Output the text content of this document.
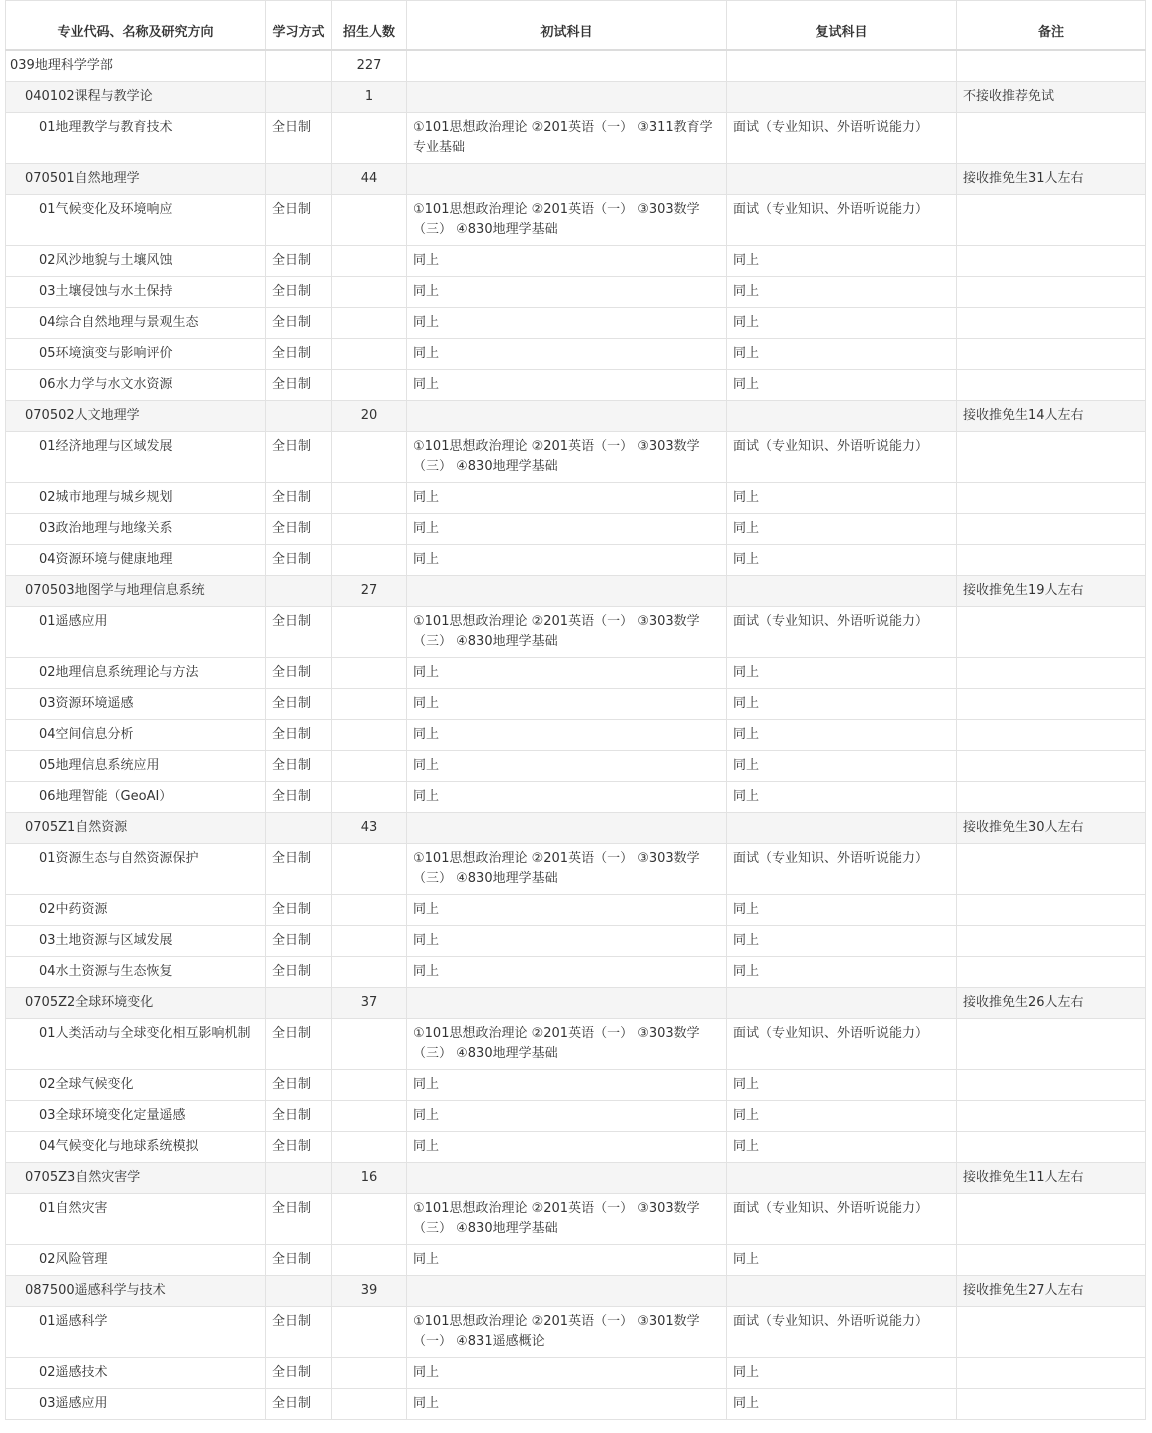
专业代码、名称及研究方向	学习方式	招生人数	初试科目	复试科目	备注
039地理科学学部		227			
040102课程与教学论		1			不接收推荐免试
01地理教学与教育技术	全日制		①101思想政治理论 ②201英语（一） ③311教育学专业基础	面试（专业知识、外语听说能力）	
070501自然地理学		44			接收推免生31人左右
01气候变化及环境响应	全日制		①101思想政治理论 ②201英语（一） ③303数学（三） ④830地理学基础	面试（专业知识、外语听说能力）	
02风沙地貌与土壤风蚀	全日制		同上	同上	
03土壤侵蚀与水土保持	全日制		同上	同上	
04综合自然地理与景观生态	全日制		同上	同上	
05环境演变与影响评价	全日制		同上	同上	
06水力学与水文水资源	全日制		同上	同上	
070502人文地理学		20			接收推免生14人左右
01经济地理与区域发展	全日制		①101思想政治理论 ②201英语（一） ③303数学（三） ④830地理学基础	面试（专业知识、外语听说能力）	
02城市地理与城乡规划	全日制		同上	同上	
03政治地理与地缘关系	全日制		同上	同上	
04资源环境与健康地理	全日制		同上	同上	
070503地图学与地理信息系统		27			接收推免生19人左右
01遥感应用	全日制		①101思想政治理论 ②201英语（一） ③303数学（三） ④830地理学基础	面试（专业知识、外语听说能力）	
02地理信息系统理论与方法	全日制		同上	同上	
03资源环境遥感	全日制		同上	同上	
04空间信息分析	全日制		同上	同上	
05地理信息系统应用	全日制		同上	同上	
06地理智能（GeoAI）	全日制		同上	同上	
0705Z1自然资源		43			接收推免生30人左右
01资源生态与自然资源保护	全日制		①101思想政治理论 ②201英语（一） ③303数学（三） ④830地理学基础	面试（专业知识、外语听说能力）	
02中药资源	全日制		同上	同上	
03土地资源与区域发展	全日制		同上	同上	
04水土资源与生态恢复	全日制		同上	同上	
0705Z2全球环境变化		37			接收推免生26人左右
01人类活动与全球变化相互影响机制	全日制		①101思想政治理论 ②201英语（一） ③303数学（三） ④830地理学基础	面试（专业知识、外语听说能力）	
02全球气候变化	全日制		同上	同上	
03全球环境变化定量遥感	全日制		同上	同上	
04气候变化与地球系统模拟	全日制		同上	同上	
0705Z3自然灾害学		16			接收推免生11人左右
01自然灾害	全日制		①101思想政治理论 ②201英语（一） ③303数学（三） ④830地理学基础	面试（专业知识、外语听说能力）	
02风险管理	全日制		同上	同上	
087500遥感科学与技术		39			接收推免生27人左右
01遥感科学	全日制		①101思想政治理论 ②201英语（一） ③301数学（一） ④831遥感概论	面试（专业知识、外语听说能力）	
02遥感技术	全日制		同上	同上	
03遥感应用	全日制		同上	同上	
